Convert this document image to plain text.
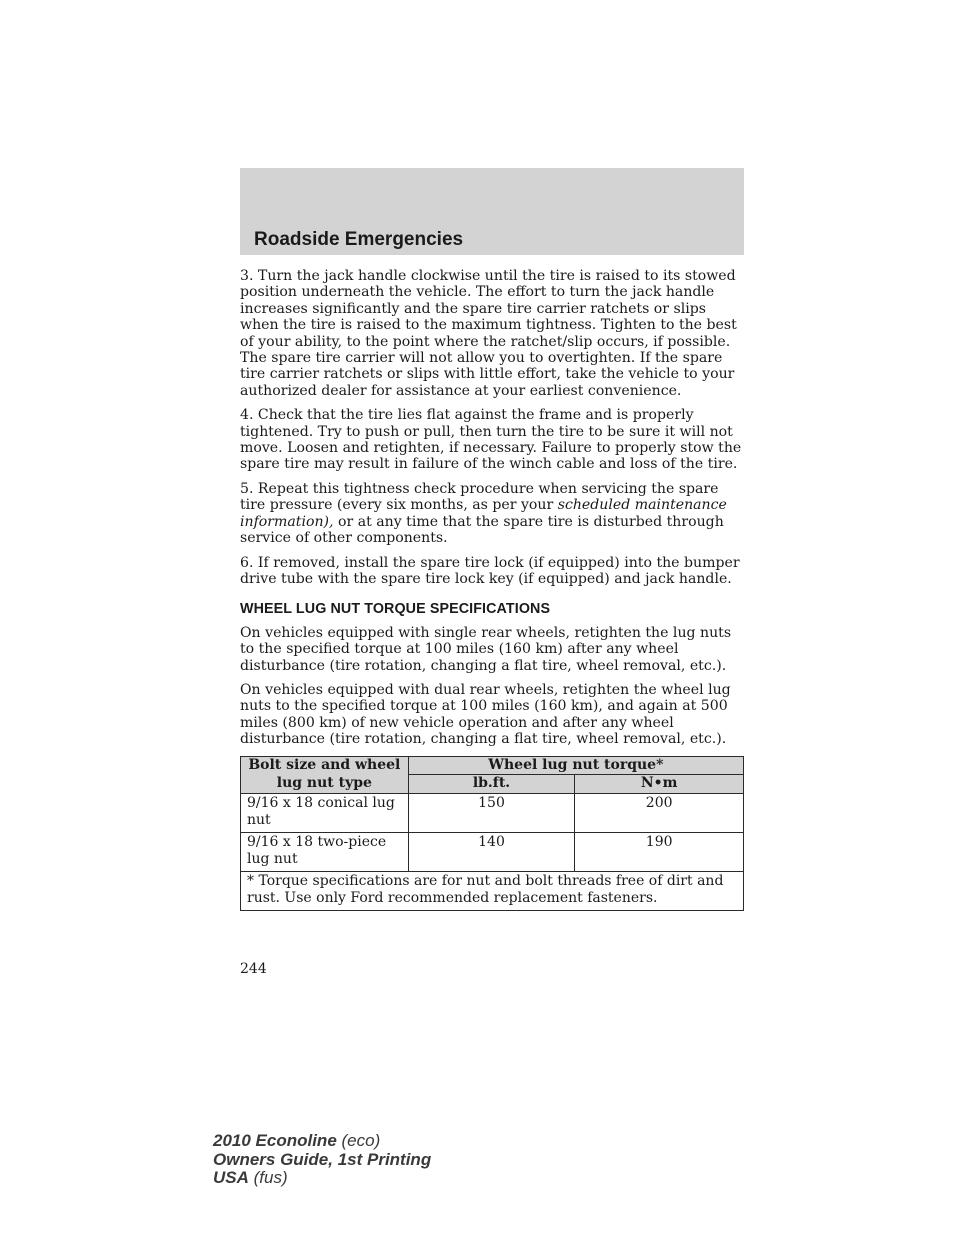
Roadside Emergencies

3. Turn the jack handle clockwise until the tire is raised to its stowed position underneath the vehicle. The effort to turn the jack handle increases significantly and the spare tire carrier ratchets or slips when the tire is raised to the maximum tightness. Tighten to the best of your ability, to the point where the ratchet/slip occurs, if possible. The spare tire carrier will not allow you to overtighten. If the spare tire carrier ratchets or slips with little effort, take the vehicle to your authorized dealer for assistance at your earliest convenience.

4. Check that the tire lies flat against the frame and is properly tightened. Try to push or pull, then turn the tire to be sure it will not move. Loosen and retighten, if necessary. Failure to properly stow the spare tire may result in failure of the winch cable and loss of the tire.

5. Repeat this tightness check procedure when servicing the spare tire pressure (every six months, as per your scheduled maintenance information), or at any time that the spare tire is disturbed through service of other components.

6. If removed, install the spare tire lock (if equipped) into the bumper drive tube with the spare tire lock key (if equipped) and jack handle.

WHEEL LUG NUT TORQUE SPECIFICATIONS

On vehicles equipped with single rear wheels, retighten the lug nuts to the specified torque at 100 miles (160 km) after any wheel disturbance (tire rotation, changing a flat tire, wheel removal, etc.).

On vehicles equipped with dual rear wheels, retighten the wheel lug nuts to the specified torque at 100 miles (160 km), and again at 500 miles (800 km) of new vehicle operation and after any wheel disturbance (tire rotation, changing a flat tire, wheel removal, etc.).

Bolt size and wheel lug nut type	Wheel lug nut torque*	
	lb.ft.	N•m
9/16 x 18 conical lug nut	150	200
9/16 x 18 two-piece lug nut	140	190
* Torque specifications are for nut and bolt threads free of dirt and rust. Use only Ford recommended replacement fasteners.		
244
2010 Econoline (eco)
Owners Guide, 1st Printing
USA (fus)
